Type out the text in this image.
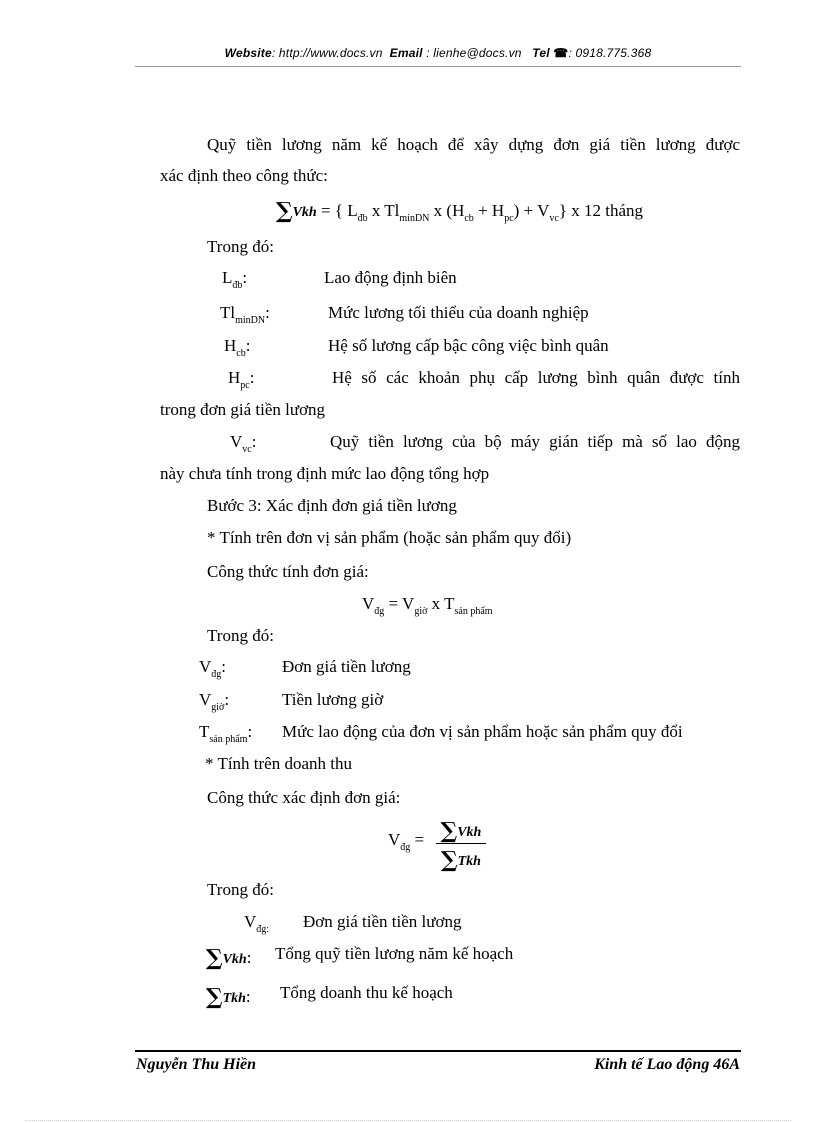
Website: http://www.docs.vn Email : lienhe@docs.vn Tel ☎: 0918.775.368
Quỹ tiền lương năm kế hoạch để xây dựng đơn giá tiền lương được
xác định theo công thức:
∑Vkh = { $L_{đb}$ x $Tl_{minDN}$ x $(H_{cb} + H_{pc}) + V_{vc}$} x 12 tháng
Trong đó:
$L_{đb}$:	Lao động định biên
$Tl_{minDN}$:	Mức lương tối thiểu của doanh nghiệp
$H_{cb}$:	Hệ số lương cấp bậc công việc bình quân
$H_{pc}$:	Hệ số các khoản phụ cấp lương bình quân được tính
trong đơn giá tiền lương
$V_{vc}$:	Quỹ tiền lương của bộ máy gián tiếp mà số lao động
này chưa tính trong định mức lao động tổng hợp
Bước 3: Xác định đơn giá tiền lương
* Tính trên đơn vị sản phẩm (hoặc sản phẩm quy đổi)
Công thức tính đơn giá:
$V_{đg} = V_{giờ}$ x $T_{sản phẩm}$
Trong đó:
$V_{đg}$:	Đơn giá tiền lương
$V_{giờ}$:	Tiền lương giờ
$T_{sản phẩm}$: Mức lao động của đơn vị sản phẩm hoặc sản phẩm quy đổi
* Tính trên doanh thu
Công thức xác định đơn giá:
$V_{đg} = \sum Vkh$
∑Tkh
Trong đó:
$V_{đg:}$ Đơn giá tiền tiền lương
∑Vkh: Tổng quỹ tiền lương năm kế hoạch
∑Tkh: Tổng doanh thu kế hoạch
Nguyễn Thu Hiền	Kinh tế Lao động 46A
